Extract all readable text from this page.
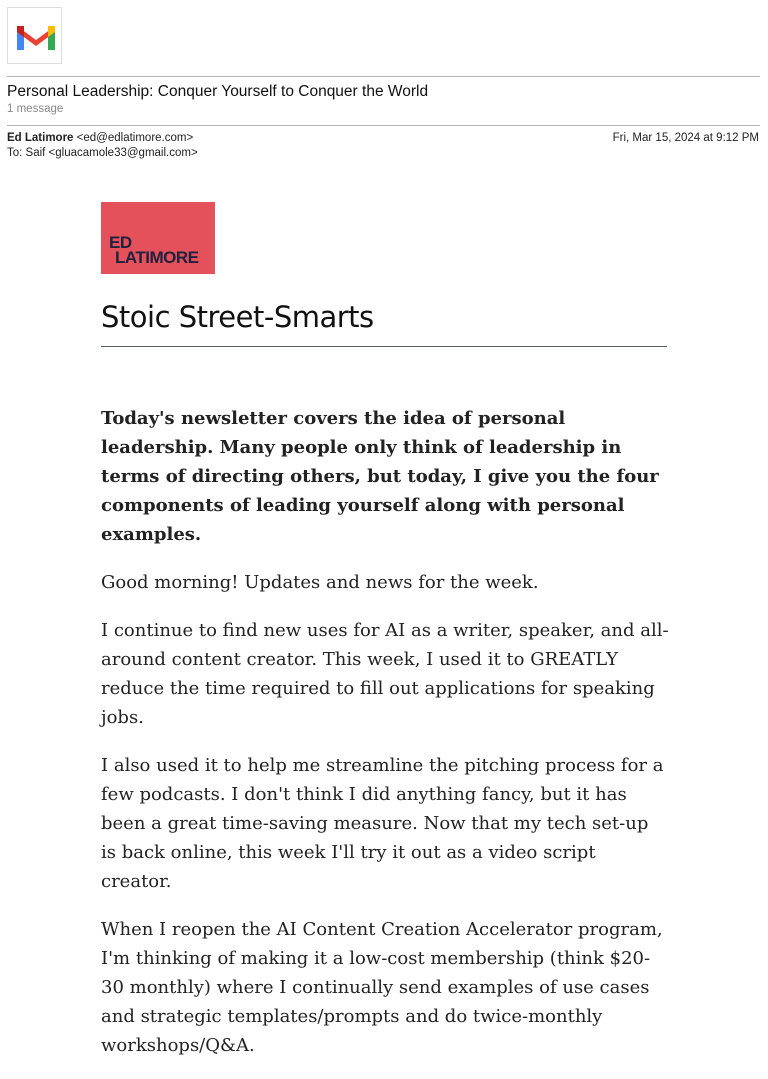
Personal Leadership: Conquer Yourself to Conquer the World
1 message
Ed Latimore <ed@edlatimore.com>
To: Saif <gluacamole33@gmail.com>
Fri, Mar 15, 2024 at 9:12 PM
ED
LATIMORE
Stoic Street-Smarts

Today's newsletter covers the idea of personal leadership. Many people only think of leadership in terms of directing others, but today, I give you the four components of leading yourself along with personal examples.

Good morning! Updates and news for the week.

I continue to find new uses for AI as a writer, speaker, and all-around content creator. This week, I used it to GREATLY reduce the time required to fill out applications for speaking jobs.

I also used it to help me streamline the pitching process for a few podcasts. I don't think I did anything fancy, but it has been a great time-saving measure. Now that my tech set-up is back online, this week I'll try it out as a video script creator.

When I reopen the AI Content Creation Accelerator program, I'm thinking of making it a low-cost membership (think $20-30 monthly) where I continually send examples of use cases and strategic templates/prompts and do twice-monthly workshops/Q&A.
